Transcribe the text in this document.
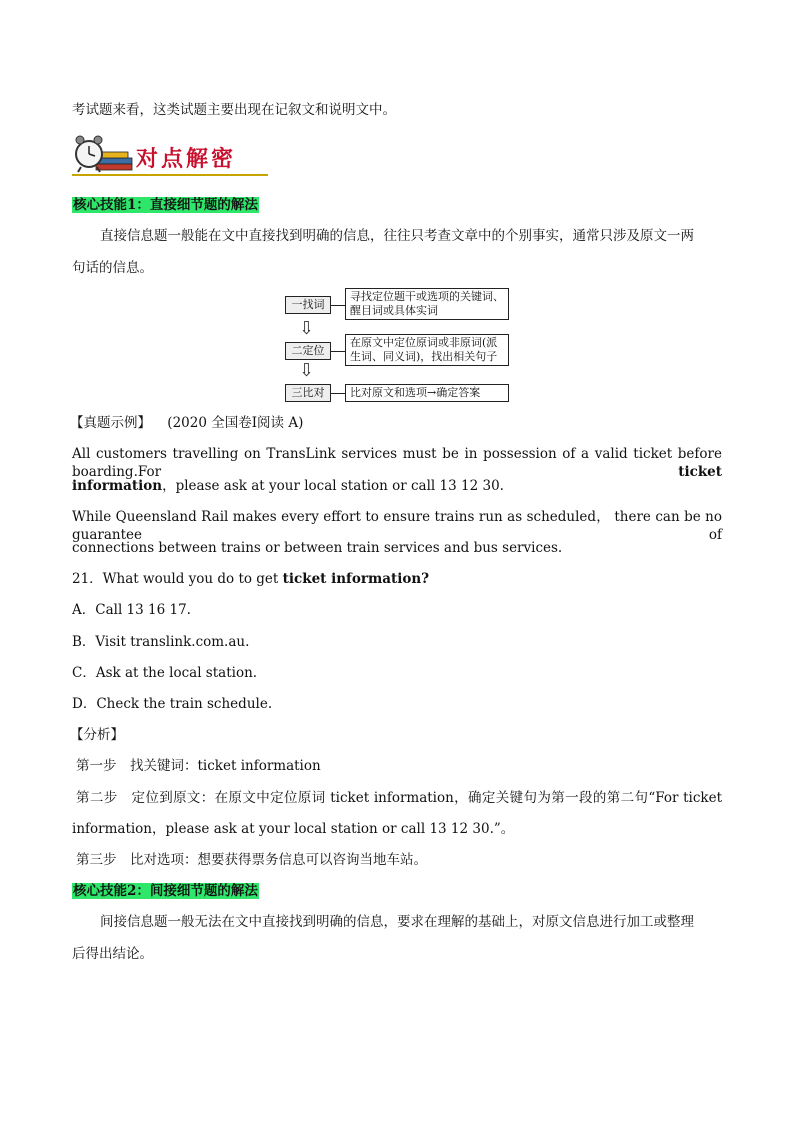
考试题来看，这类试题主要出现在记叙文和说明文中。
对点解密
核心技能1：直接细节题的解法
直接信息题一般能在文中直接找到明确的信息，往往只考查文章中的个别事实，通常只涉及原文一两
句话的信息。
一找词
寻找定位题干或选项的关键词、
醒目词或具体实词
⇩
二定位
在原文中定位原词或非原词(派
生词、同义词)，找出相关句子
⇩
三比对	比对原文和选项→确定答案
【真题示例】 (2020 全国卷Ⅰ阅读 A)
All customers travelling on TransLink services must be in possession of a valid ticket before boarding.For ticket
information，please ask at your local station or call 13 12 30.
While Queensland Rail makes every effort to ensure trains run as scheduled， there can be no guarantee of
connections between trains or between train services and bus services.
21．What would you do to get ticket information?
A．Call 13 16 17.
B．Visit translink.com.au.
C．Ask at the local station.
D．Check the train schedule.
【分析】
第一步　找关键词：ticket information
第二步　定位到原文：在原文中定位原词 ticket information，确定关键句为第一段的第二句“For ticket
information，please ask at your local station or call 13 12 30.”。
第三步　比对选项：想要获得票务信息可以咨询当地车站。
核心技能2：间接细节题的解法
间接信息题一般无法在文中直接找到明确的信息，要求在理解的基础上，对原文信息进行加工或整理
后得出结论。
